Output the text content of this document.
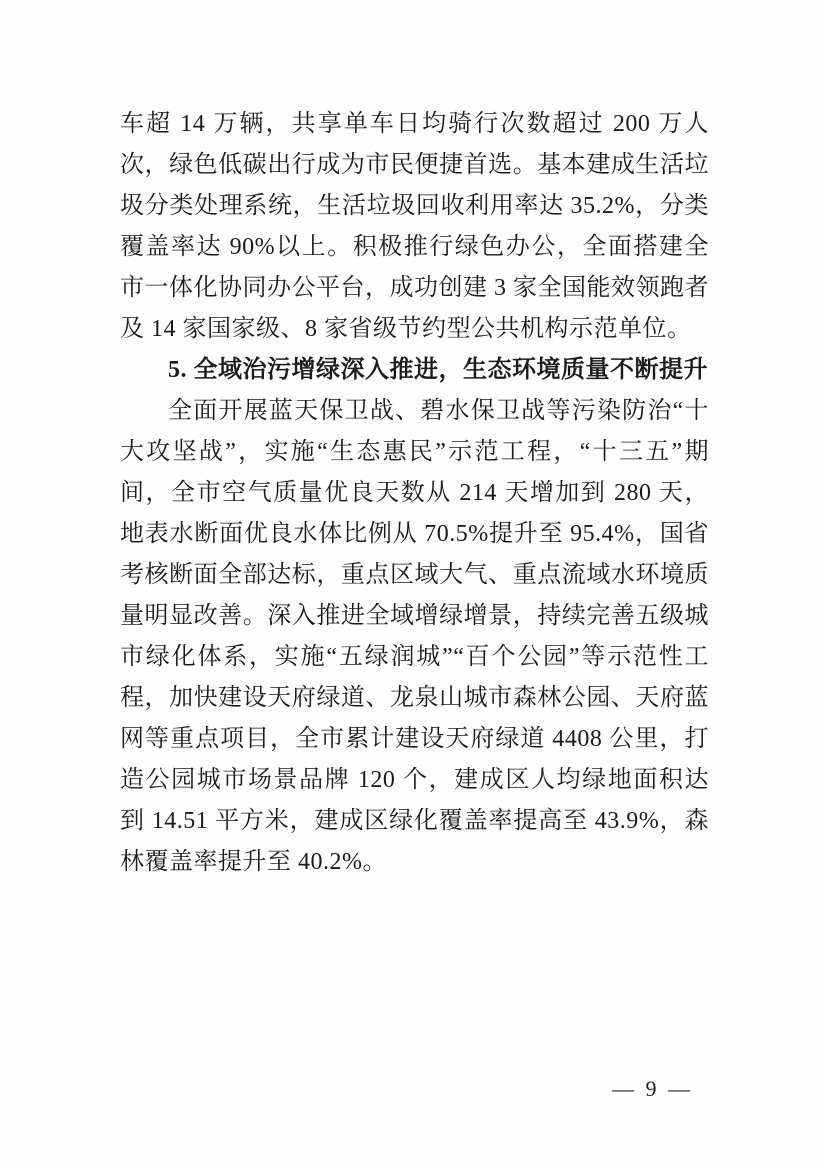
车超 14 万辆，共享单车日均骑行次数超过 200 万人次，绿色低碳出行成为市民便捷首选。基本建成生活垃圾分类处理系统，生活垃圾回收利用率达 35.2%，分类覆盖率达 90%以上。积极推行绿色办公，全面搭建全市一体化协同办公平台，成功创建 3 家全国能效领跑者及 14 家国家级、8 家省级节约型公共机构示范单位。

5. 全域治污增绿深入推进，生态环境质量不断提升

全面开展蓝天保卫战、碧水保卫战等污染防治“十大攻坚战”，实施“生态惠民”示范工程，“十三五”期间，全市空气质量优良天数从 214 天增加到 280 天，地表水断面优良水体比例从 70.5%提升至 95.4%，国省考核断面全部达标，重点区域大气、重点流域水环境质量明显改善。深入推进全域增绿增景，持续完善五级城市绿化体系，实施“五绿润城”“百个公园”等示范性工程，加快建设天府绿道、龙泉山城市森林公园、天府蓝网等重点项目，全市累计建设天府绿道 4408 公里，打造公园城市场景品牌 120 个，建成区人均绿地面积达到 14.51 平方米，建成区绿化覆盖率提高至 43.9%，森林覆盖率提升至 40.2%。

— 9 —
